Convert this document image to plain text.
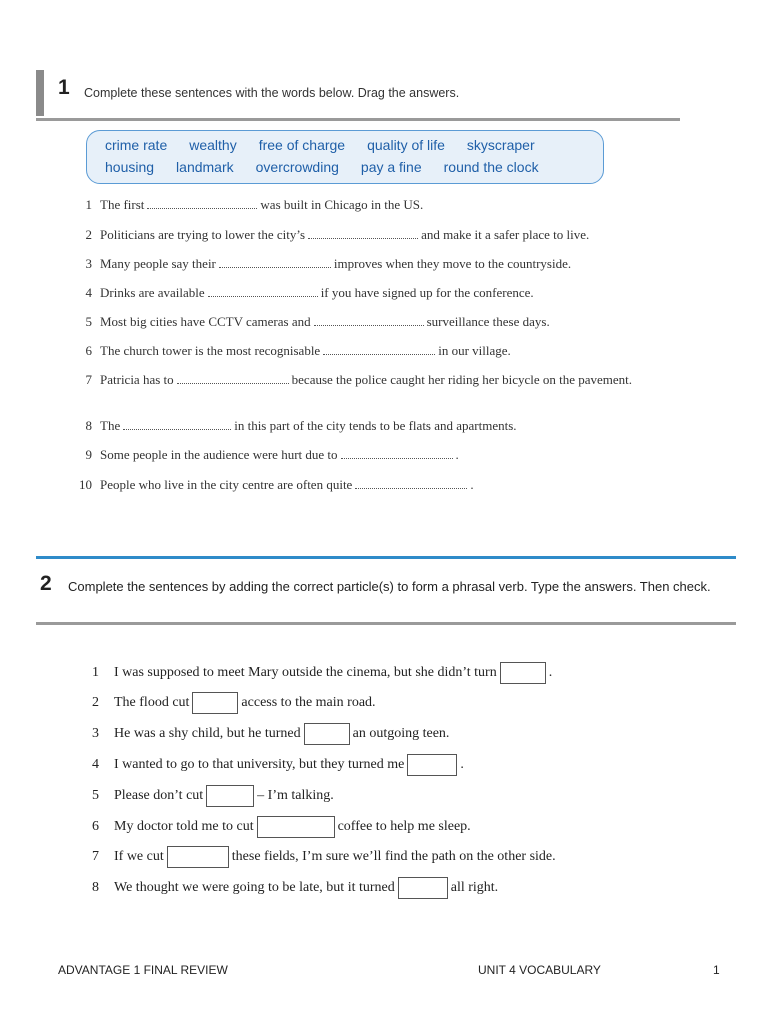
1 Complete these sentences with the words below. Drag the answers.
crime rate wealthy free of charge quality of life skyscraper
housing landmark overcrowding pay a fine round the clock
1 The first	was built in Chicago in the US.
2 Politicians are trying to lower the city’s	and make it a safer place to live.
3 Many people say their	improves when they move to the countryside.
4 Drinks are available	if you have signed up for the conference.
5 Most big cities have CCTV cameras and	surveillance these days.
6 The church tower is the most recognisable	in our village.
7 Patricia has to	because the police caught her riding her bicycle on the pavement.
8 The	in this part of the city tends to be flats and apartments.
9 Some people in the audience were hurt due to	.
10 People who live in the city centre are often quite	.
2 Complete the sentences by adding the correct particle(s) to form a phrasal verb. Type the answers. Then check.
1	I was supposed to meet Mary outside the cinema, but she didn’t turn	.
2	The flood cut	access to the main road.
3	He was a shy child, but he turned	an outgoing teen.
4	I wanted to go to that university, but they turned me	.
5	Please don’t cut	– I’m talking.
6	My doctor told me to cut	coffee to help me sleep.
7	If we cut	these fields, I’m sure we’ll find the path on the other side.
8	We thought we were going to be late, but it turned	all right.
ADVANTAGE 1 FINAL REVIEW	UNIT 4 VOCABULARY	1
